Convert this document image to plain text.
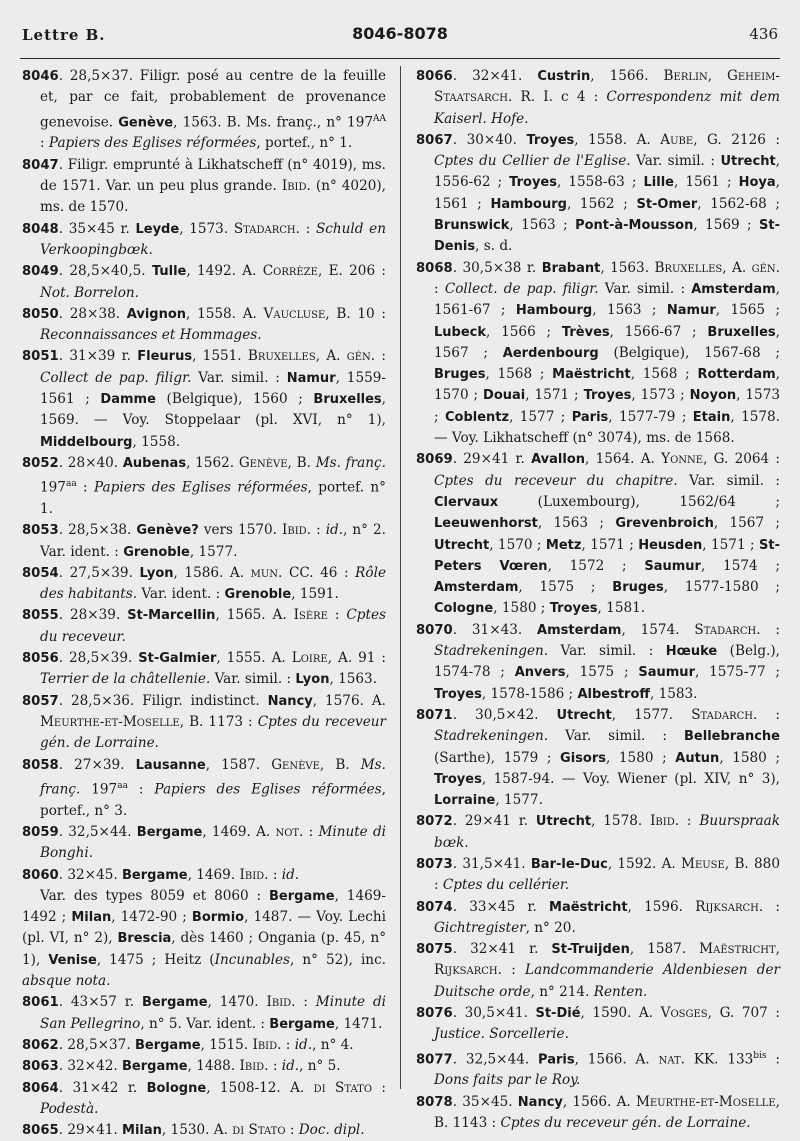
Lettre B.	8046-8078	436

8046. 28,5×37. Filigr. posé au centre de la feuille et, par ce fait, probablement de provenance genevoise. Genève, 1563. B. Ms. franç., n° $197^{AA}$ : Papiers des Eglises réformées, portef., n° 1.

8047. Filigr. emprunté à Likhatscheff (n° 4019), ms. de 1571. Var. un peu plus grande. Ibid. (n° 4020), ms. de 1570.

8048. 35×45 r. Leyde, 1573. Stadarch. : Schuld en Verkoopingbœk.

8049. 28,5×40,5. Tulle, 1492. A. Corrèze, E. 206 : Not. Borrelon.

8050. 28×38. Avignon, 1558. A. Vaucluse, B. 10 : Reconnaissances et Hommages.

8051. 31×39 r. Fleurus, 1551. Bruxelles, A. gén. : Collect de pap. filigr. Var. simil. : Namur, 1559-1561 ; Damme (Belgique), 1560 ; Bruxelles, 1569. — Voy. Stoppelaar (pl. XVI, n° 1), Middelbourg, 1558.

8052. 28×40. Aubenas, 1562. Genève, B. Ms. franç. $197^{aa}$ : Papiers des Eglises réformées, portef. n° 1.

8053. 28,5×38. Genève? vers 1570. Ibid. : id., n° 2. Var. ident. : Grenoble, 1577.

8054. 27,5×39. Lyon, 1586. A. mun. CC. 46 : Rôle des habitants. Var. ident. : Grenoble, 1591.

8055. 28×39. St-Marcellin, 1565. A. Isère : Cptes du receveur.

8056. 28,5×39. St-Galmier, 1555. A. Loire, A. 91 : Terrier de la châtellenie. Var. simil. : Lyon, 1563.

8057. 28,5×36. Filigr. indistinct. Nancy, 1576. A. Meurthe-et-Moselle, B. 1173 : Cptes du receveur gén. de Lorraine.

8058. 27×39. Lausanne, 1587. Genève, B. Ms. franç. $197^{aa}$ : Papiers des Eglises réformées, portef., n° 3.

8059. 32,5×44. Bergame, 1469. A. not. : Minute di Bonghi.

8060. 32×45. Bergame, 1469. Ibid. : id.

Var. des types 8059 et 8060 : Bergame, 1469-1492 ; Milan, 1472-90 ; Bormio, 1487. — Voy. Lechi (pl. VI, n° 2), Brescia, dès 1460 ; Ongania (p. 45, n° 1), Venise, 1475 ; Heitz (Incunables, n° 52), inc. absque nota.

8061. 43×57 r. Bergame, 1470. Ibid. : Minute di San Pellegrino, n° 5. Var. ident. : Bergame, 1471.

8062. 28,5×37. Bergame, 1515. Ibid. : id., n° 4.

8063. 32×42. Bergame, 1488. Ibid. : id., n° 5.

8064. 31×42 r. Bologne, 1508-12. A. di Stato : Podestà.

8065. 29×41. Milan, 1530. A. di Stato : Doc. dipl.

8066. 32×41. Custrin, 1566. Berlin, Geheim-Staatsarch. R. I. c 4 : Correspondenz mit dem Kaiserl. Hofe.

8067. 30×40. Troyes, 1558. A. Aube, G. 2126 : Cptes du Cellier de l'Eglise. Var. simil. : Utrecht, 1556-62 ; Troyes, 1558-63 ; Lille, 1561 ; Hoya, 1561 ; Hambourg, 1562 ; St-Omer, 1562-68 ; Brunswick, 1563 ; Pont-à-Mousson, 1569 ; St-Denis, s. d.

8068. 30,5×38 r. Brabant, 1563. Bruxelles, A. gén. : Collect. de pap. filigr. Var. simil. : Amsterdam, 1561-67 ; Hambourg, 1563 ; Namur, 1565 ; Lubeck, 1566 ; Trèves, 1566-67 ; Bruxelles, 1567 ; Aerdenbourg (Belgique), 1567-68 ; Bruges, 1568 ; Maëstricht, 1568 ; Rotterdam, 1570 ; Douai, 1571 ; Troyes, 1573 ; Noyon, 1573 ; Coblentz, 1577 ; Paris, 1577-79 ; Etain, 1578. — Voy. Likhatscheff (n° 3074), ms. de 1568.

8069. 29×41 r. Avallon, 1564. A. Yonne, G. 2064 : Cptes du receveur du chapitre. Var. simil. : Clervaux (Luxembourg), 1562/64 ; Leeuwenhorst, 1563 ; Grevenbroich, 1567 ; Utrecht, 1570 ; Metz, 1571 ; Heusden, 1571 ; St-Peters Vœren, 1572 ; Saumur, 1574 ; Amsterdam, 1575 ; Bruges, 1577-1580 ; Cologne, 1580 ; Troyes, 1581.

8070. 31×43. Amsterdam, 1574. Stadarch. : Stadrekeningen. Var. simil. : Hœuke (Belg.), 1574-78 ; Anvers, 1575 ; Saumur, 1575-77 ; Troyes, 1578-1586 ; Albestroff, 1583.

8071. 30,5×42. Utrecht, 1577. Stadarch. : Stadrekeningen. Var. simil. : Bellebranche (Sarthe), 1579 ; Gisors, 1580 ; Autun, 1580 ; Troyes, 1587-94. — Voy. Wiener (pl. XIV, n° 3), Lorraine, 1577.

8072. 29×41 r. Utrecht, 1578. Ibid. : Buurspraak bœk.

8073. 31,5×41. Bar-le-Duc, 1592. A. Meuse, B. 880 : Cptes du cellérier.

8074. 33×45 r. Maëstricht, 1596. Rijksarch. : Gichtregister, n° 20.

8075. 32×41 r. St-Truijden, 1587. Maëstricht, Rijksarch. : Landcommanderie Aldenbiesen der Duitsche orde, n° 214. Renten.

8076. 30,5×41. St-Dié, 1590. A. Vosges, G. 707 : Justice. Sorcellerie.

8077. 32,5×44. Paris, 1566. A. nat. KK. $133^{bis}$ : Dons faits par le Roy.

8078. 35×45. Nancy, 1566. A. Meurthe-et-Moselle, B. 1143 : Cptes du receveur gén. de Lorraine.
